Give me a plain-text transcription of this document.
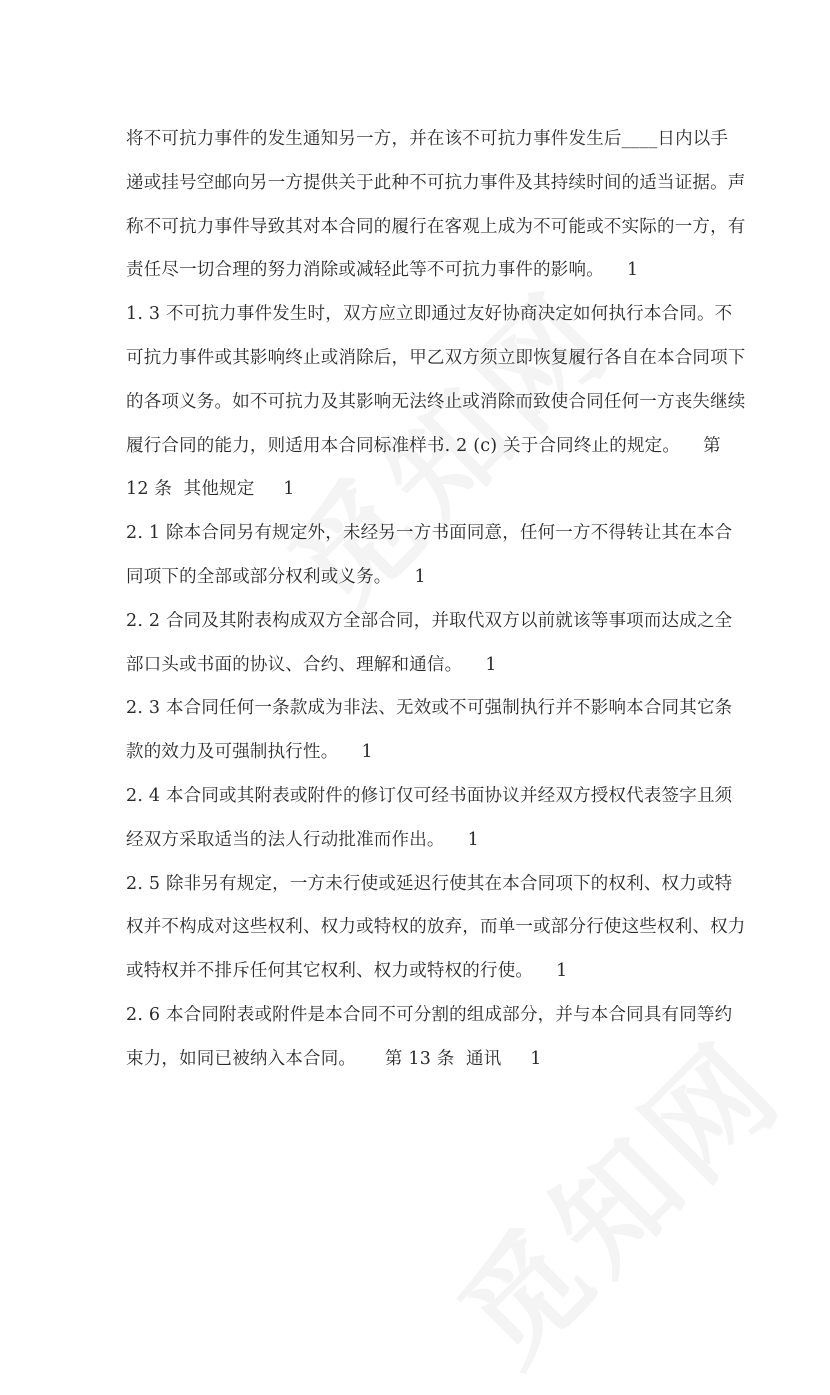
将不可抗力事件的发生通知另一方，并在该不可抗力事件发生后____日内以手
递或挂号空邮向另一方提供关于此种不可抗力事件及其持续时间的适当证据。声
称不可抗力事件导致其对本合同的履行在客观上成为不可能或不实际的一方，有
责任尽一切合理的努力消除或减轻此等不可抗力事件的影响。    1
1. 3 不可抗力事件发生时，双方应立即通过友好协商决定如何执行本合同。不
可抗力事件或其影响终止或消除后，甲乙双方须立即恢复履行各自在本合同项下
的各项义务。如不可抗力及其影响无法终止或消除而致使合同任何一方丧失继续
履行合同的能力，则适用本合同标准样书. 2 (c) 关于合同终止的规定。    第
12 条  其他规定     1
2. 1 除本合同另有规定外，未经另一方书面同意，任何一方不得转让其在本合
同项下的全部或部分权利或义务。    1
2. 2 合同及其附表构成双方全部合同，并取代双方以前就该等事项而达成之全
部口头或书面的协议、合约、理解和通信。    1
2. 3 本合同任何一条款成为非法、无效或不可强制执行并不影响本合同其它条
款的效力及可强制执行性。    1
2. 4 本合同或其附表或附件的修订仅可经书面协议并经双方授权代表签字且须
经双方采取适当的法人行动批准而作出。    1
2. 5 除非另有规定，一方未行使或延迟行使其在本合同项下的权利、权力或特
权并不构成对这些权利、权力或特权的放弃，而单一或部分行使这些权利、权力
或特权并不排斥任何其它权利、权力或特权的行使。    1
2. 6 本合同附表或附件是本合同不可分割的组成部分，并与本合同具有同等约
束力，如同已被纳入本合同。     第 13 条  通讯     1
